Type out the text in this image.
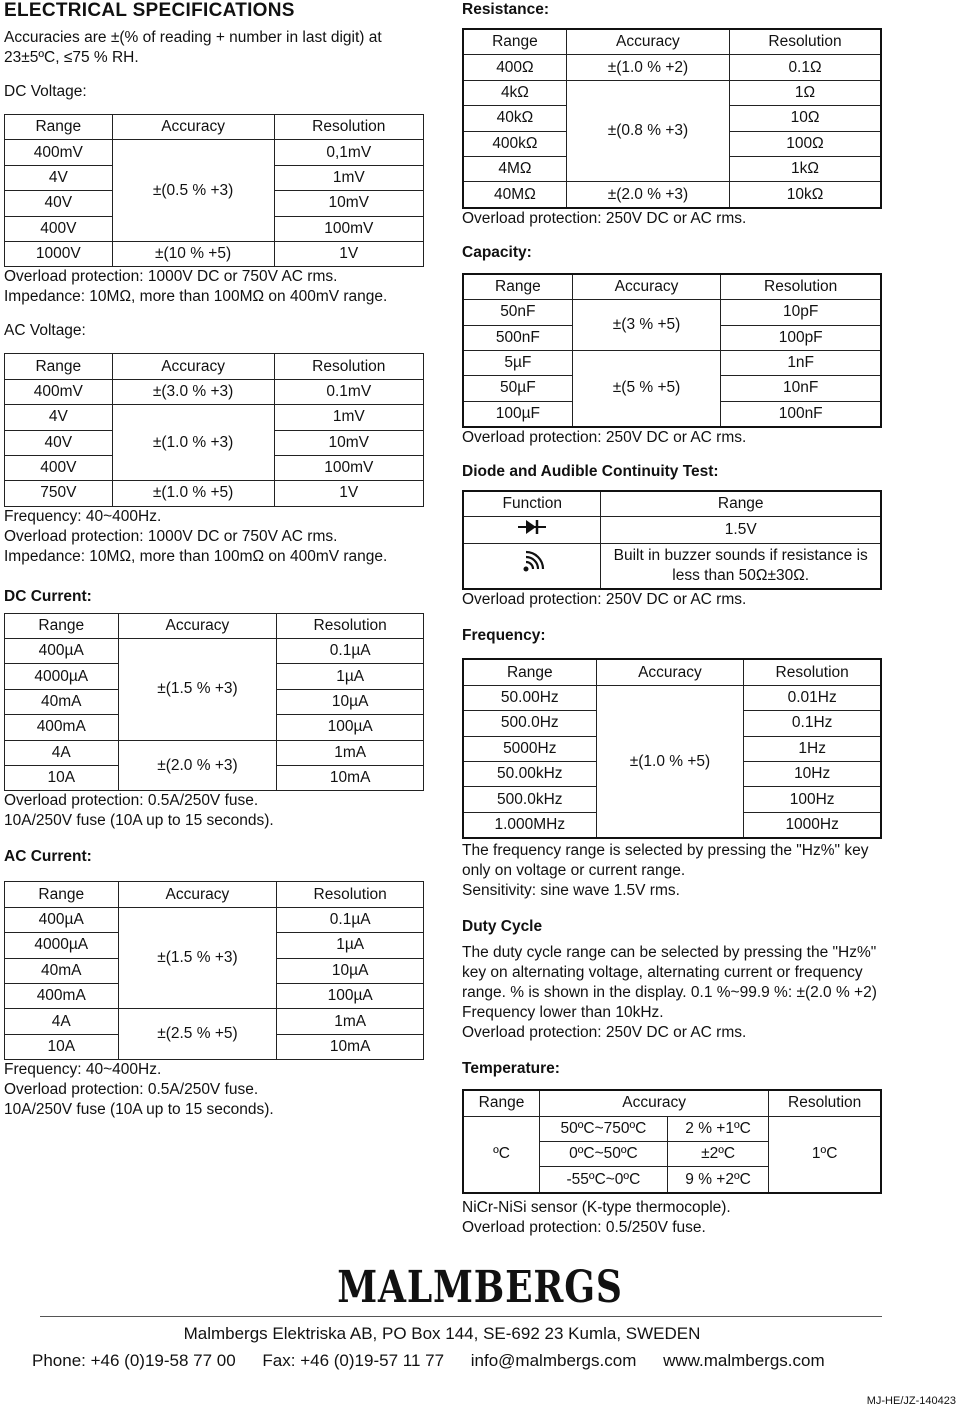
ELECTRICAL SPECIFICATIONS

Accuracies are ±(% of reading + number in last digit) at 23±5ºC, ≤75 % RH.

DC Voltage:

Range	Accuracy	Resolution
400mV	±(0.5 % +3)	0,1mV
4V		1mV
40V		10mV
400V		100mV
1000V	±(10 % +5)	1V

Overload protection: 1000V DC or 750V AC rms.

Impedance: 10MΩ, more than 100MΩ on 400mV range.

AC Voltage:

Range	Accuracy	Resolution
400mV	±(3.0 % +3)	0.1mV
4V	±(1.0 % +3)	1mV
40V		10mV
400V		100mV
750V	±(1.0 % +5)	1V

Frequency: 40~400Hz.

Overload protection: 1000V DC or 750V AC rms.

Impedance: 10MΩ, more than 100mΩ on 400mV range.

DC Current:

Range	Accuracy	Resolution
400µA	±(1.5 % +3)	0.1µA
4000µA		1µA
40mA		10µA
400mA		100µA
4A	±(2.0 % +3)	1mA
10A		10mA

Overload protection: 0.5A/250V fuse.

10A/250V fuse (10A up to 15 seconds).

AC Current:

Range	Accuracy	Resolution
400µA	±(1.5 % +3)	0.1µA
4000µA		1µA
40mA		10µA
400mA		100µA
4A	±(2.5 % +5)	1mA
10A		10mA

Frequency: 40~400Hz.

Overload protection: 0.5A/250V fuse.

10A/250V fuse (10A up to 15 seconds).

Resistance:

Range	Accuracy	Resolution
400Ω	±(1.0 % +2)	0.1Ω
4kΩ	±(0.8 % +3)	1Ω
40kΩ		10Ω
400kΩ		100Ω
4MΩ		1kΩ
40MΩ	±(2.0 % +3)	10kΩ

Overload protection: 250V DC or AC rms.

Capacity:

Range	Accuracy	Resolution
50nF	±(3 % +5)	10pF
500nF		100pF
5µF	±(5 % +5)	1nF
50µF		10nF
100µF		100nF

Overload protection: 250V DC or AC rms.

Diode and Audible Continuity Test:

Function	Range
	1.5V
	Built in buzzer sounds if resistance is less than 50Ω±30Ω.

Overload protection: 250V DC or AC rms.

Frequency:

Range	Accuracy	Resolution
50.00Hz	±(1.0 % +5)	0.01Hz
500.0Hz		0.1Hz
5000Hz		1Hz
50.00kHz		10Hz
500.0kHz		100Hz
1.000MHz		1000Hz

The frequency range is selected by pressing the "Hz%" key only on voltage or current range.

Sensitivity: sine wave 1.5V rms.

Duty Cycle

The duty cycle range can be selected by pressing the "Hz%" key on alternating voltage, alternating current or frequency range. % is shown in the display. 0.1 %~99.9 %: ±(2.0 % +2) Frequency lower than 10kHz.

Overload protection: 250V DC or AC rms.

Temperature:

Range	Accuracy		Resolution
ºC	50ºC~750ºC	2 % +1ºC	1ºC
	0ºC~50ºC	±2ºC	
	-55ºC~0ºC	9 % +2ºC	

NiCr-NiSi sensor (K-type thermocople).

Overload protection: 0.5/250V fuse.

MALMBERGS
Malmbergs Elektriska AB, PO Box 144, SE-692 23 Kumla, SWEDEN
Phone: +46 (0)19-58 77 00 Fax: +46 (0)19-57 11 77 info@malmbergs.com www.malmbergs.com
MJ-HE/JZ-140423
